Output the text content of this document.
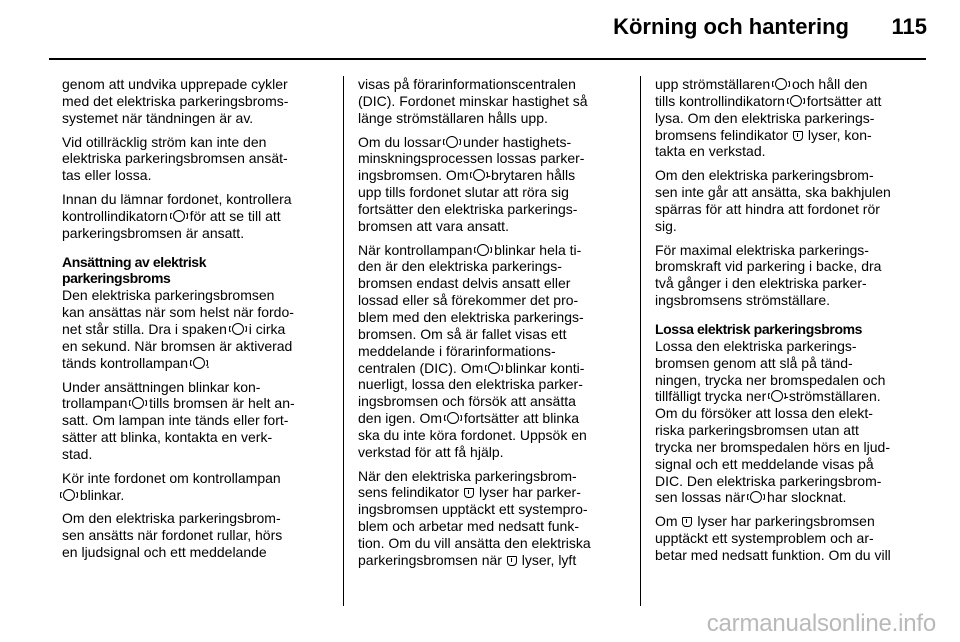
Körning och hantering 115
genom att undvika upprepade cykler
med det elektriska parkeringsbroms-
systemet när tändningen är av.
Vid otillräcklig ström kan inte den
elektriska parkeringsbromsen ansät-
tas eller lossa.
Innan du lämnar fordonet, kontrollera
kontrollindikatorn  för att se till att
parkeringsbromsen är ansatt.
Ansättning av elektrisk
parkeringsbroms
Den elektriska parkeringsbromsen
kan ansättas när som helst när fordo-
net står stilla. Dra i spaken  i cirka
en sekund. När bromsen är aktiverad
tänds kontrollampan .
Under ansättningen blinkar kon-
trollampan  tills bromsen är helt an-
satt. Om lampan inte tänds eller fort-
sätter att blinka, kontakta en verk-
stad.
Kör inte fordonet om kontrollampan
blinkar.
Om den elektriska parkeringsbrom-
sen ansätts när fordonet rullar, hörs
en ljudsignal och ett meddelande
visas på förarinformationscentralen
(DIC). Fordonet minskar hastighet så
länge strömställaren hålls upp.
Om du lossar  under hastighets-
minskningsprocessen lossas parker-
ingsbromsen. Om -brytaren hålls
upp tills fordonet slutar att röra sig
fortsätter den elektriska parkerings-
bromsen att vara ansatt.
När kontrollampan  blinkar hela ti-
den är den elektriska parkerings-
bromsen endast delvis ansatt eller
lossad eller så förekommer det pro-
blem med den elektriska parkerings-
bromsen. Om så är fallet visas ett
meddelande i förarinformations-
centralen (DIC). Om  blinkar konti-
nuerligt, lossa den elektriska parker-
ingsbromsen och försök att ansätta
den igen. Om  fortsätter att blinka
ska du inte köra fordonet. Uppsök en
verkstad för att få hjälp.
När den elektriska parkeringsbrom-
sens felindikator  lyser har parker-
ingsbromsen upptäckt ett systempro-
blem och arbetar med nedsatt funk-
tion. Om du vill ansätta den elektriska
parkeringsbromsen när  lyser, lyft
upp strömställaren  och håll den
tills kontrollindikatorn  fortsätter att
lysa. Om den elektriska parkerings-
bromsens felindikator  lyser, kon-
takta en verkstad.
Om den elektriska parkeringsbrom-
sen inte går att ansätta, ska bakhjulen
spärras för att hindra att fordonet rör
sig.
För maximal elektriska parkerings-
bromskraft vid parkering i backe, dra
två gånger i den elektriska parker-
ingsbromsens strömställare.
Lossa elektrisk parkeringsbroms
Lossa den elektriska parkerings-
bromsen genom att slå på tänd-
ningen, trycka ner bromspedalen och
tillfälligt trycka ner -strömställaren.
Om du försöker att lossa den elekt-
riska parkeringsbromsen utan att
trycka ner bromspedalen hörs en ljud-
signal och ett meddelande visas på
DIC. Den elektriska parkeringsbrom-
sen lossas när  har slocknat.
Om  lyser har parkeringsbromsen
upptäckt ett systemproblem och ar-
betar med nedsatt funktion. Om du vill
carmanualsonline.info
